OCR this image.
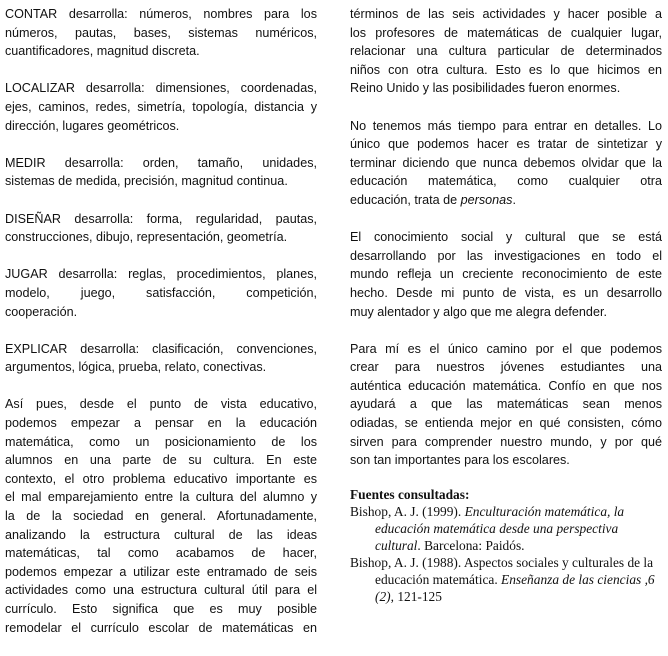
CONTAR desarrolla: números, nombres para los
números, pautas, bases, sistemas numéricos,
cuantificadores, magnitud discreta.
LOCALIZAR desarrolla: dimensiones, coordenadas,
ejes, caminos, redes, simetría, topología, distancia y
dirección, lugares geométricos.
MEDIR desarrolla: orden, tamaño, unidades,
sistemas de medida, precisión, magnitud continua.
DISEÑAR desarrolla: forma, regularidad, pautas,
construcciones, dibujo, representación, geometría.
JUGAR desarrolla: reglas, procedimientos, planes,
modelo, juego, satisfacción, competición,
cooperación.
EXPLICAR desarrolla: clasificación, convenciones,
argumentos, lógica, prueba, relato, conectivas.
Así pues, desde el punto de vista educativo,
podemos empezar a pensar en la educación
matemática, como un posicionamiento de los
alumnos en una parte de su cultura. En este
contexto, el otro problema educativo importante es
el mal emparejamiento entre la cultura del alumno y
la de la sociedad en general. Afortunadamente,
analizando la estructura cultural de las ideas
matemáticas, tal como acabamos de hacer,
podemos empezar a utilizar este entramado de seis
actividades como una estructura cultural útil para el
currículo. Esto significa que es muy posible
remodelar el currículo escolar de matemáticas en
términos de las seis actividades y hacer posible a
los profesores de matemáticas de cualquier lugar,
relacionar una cultura particular de determinados
niños con otra cultura. Esto es lo que hicimos en
Reino Unido y las posibilidades fueron enormes.
No tenemos más tiempo para entrar en detalles. Lo
único que podemos hacer es tratar de sintetizar y
terminar diciendo que nunca debemos olvidar que la
educación matemática, como cualquier otra
educación, trata de personas.
El conocimiento social y cultural que se está
desarrollando por las investigaciones en todo el
mundo refleja un creciente reconocimiento de este
hecho. Desde mi punto de vista, es un desarrollo
muy alentador y algo que me alegra defender.
Para mí es el único camino por el que podemos
crear para nuestros jóvenes estudiantes una
auténtica educación matemática. Confío en que nos
ayudará a que las matemáticas sean menos
odiadas, se entienda mejor en qué consisten, cómo
sirven para comprender nuestro mundo, y por qué
son tan importantes para los escolares.
Fuentes consultadas:
Bishop, A. J. (1999). Enculturación matemática, la educación matemática desde una perspectiva cultural. Barcelona: Paidós.
Bishop, A. J. (1988). Aspectos sociales y culturales de la educación matemática. Enseñanza de las ciencias ,6 (2), 121-125
